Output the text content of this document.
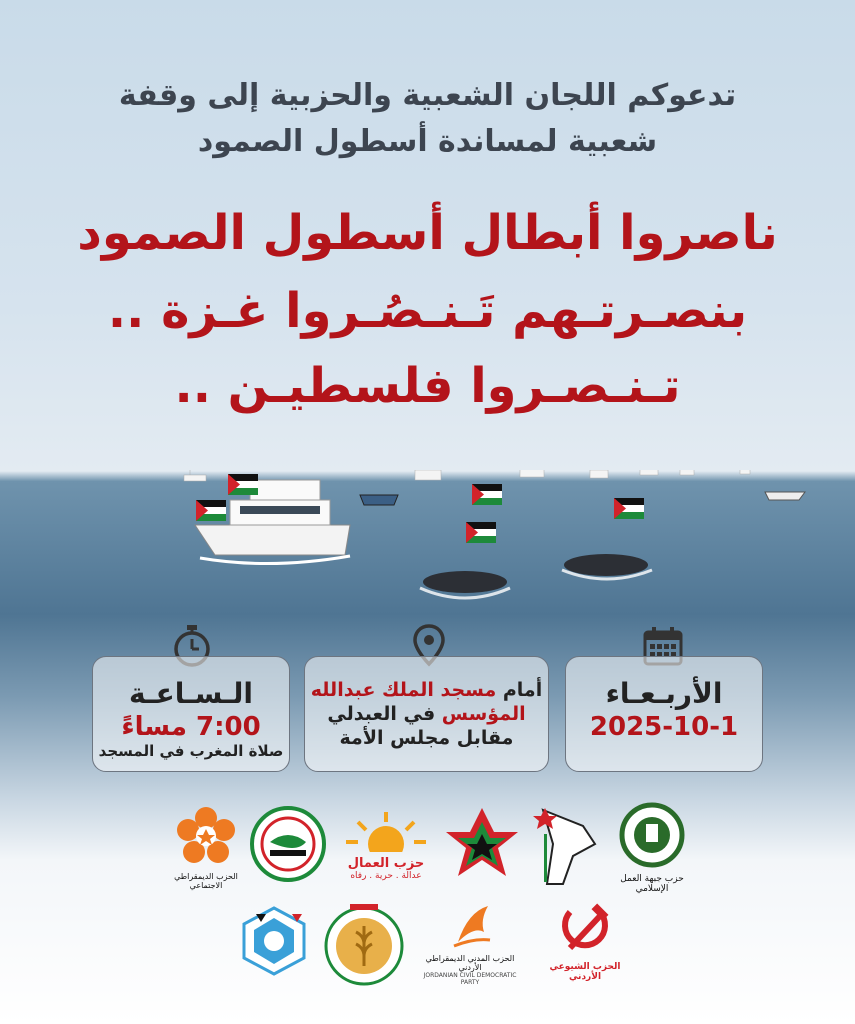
تدعوكم اللجان الشعبية والحزبية إلى وقفة

شعبية لمساندة أسطول الصمود

ناصروا أبطال أسطول الصمود

بنصـرتـهم تَـنـصُـروا غـزة ..

تـنـصـروا فلسطيـن ..

الـسـاعـة
7:00 مساءً
صلاة المغرب في المسجد
أمام مسجد الملك عبدالله
المؤسس في العبدلي
مقابل مجلس الأمة
الأربـعـاء
2025-10-1
حزب جبهة العمل الإسلامي
حزب العمال
عدالة . حرية . رفاه
الحزب الديمقراطي الاجتماعي
الحزب الشيوعي الأردني
الحزب المدني الديمقراطي الأردني
JORDANIAN CIVIL DEMOCRATIC PARTY
